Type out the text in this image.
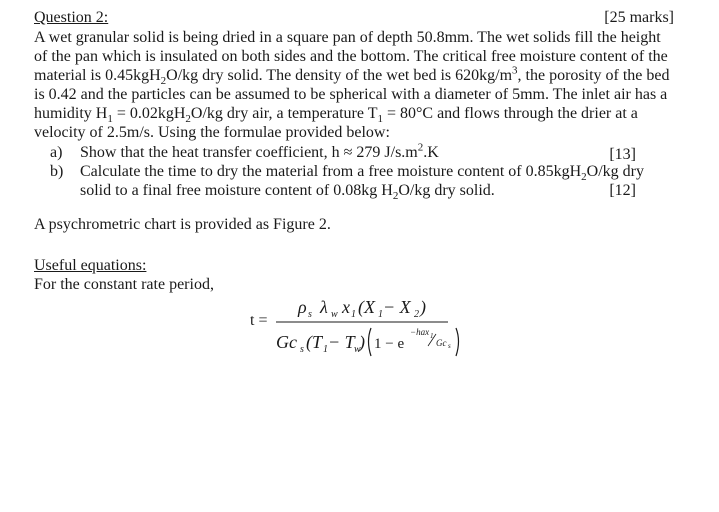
Question 2:	[25 marks]
A wet granular solid is being dried in a square pan of depth 50.8mm. The wet solids fill the height
of the pan which is insulated on both sides and the bottom. The critical free moisture content of the
material is 0.45kgH$_2$O/kg dry solid. The density of the wet bed is $620kg/m^3$, the porosity of the bed
is 0.42 and the particles can be assumed to be spherical with a diameter of 5mm. The inlet air has a
humidity $H_1 = 0.02kgH_2O/kg$ dry air, a temperature $T_1 = 80^\circ C$ and flows through the drier at a
velocity of 2.5m/s. Using the formulae provided below:
a) Show that the heat transfer coefficient, h ≈ 279 $J/s.m^2.K$	[13]
b) Calculate the time to dry the material from a free moisture content of 0.85kgH$_2$O/kg dry
solid to a final free moisture content of 0.08kg $H_2O/kg$ dry solid.	[12]
A psychrometric chart is provided as Figure 2.
Useful equations:
For the constant rate period,
t =
ρ s λ w x 1 (X 1 − X 2 )
Gc s (T 1 − T w
) 1 − e
−hax 1
Gc s
